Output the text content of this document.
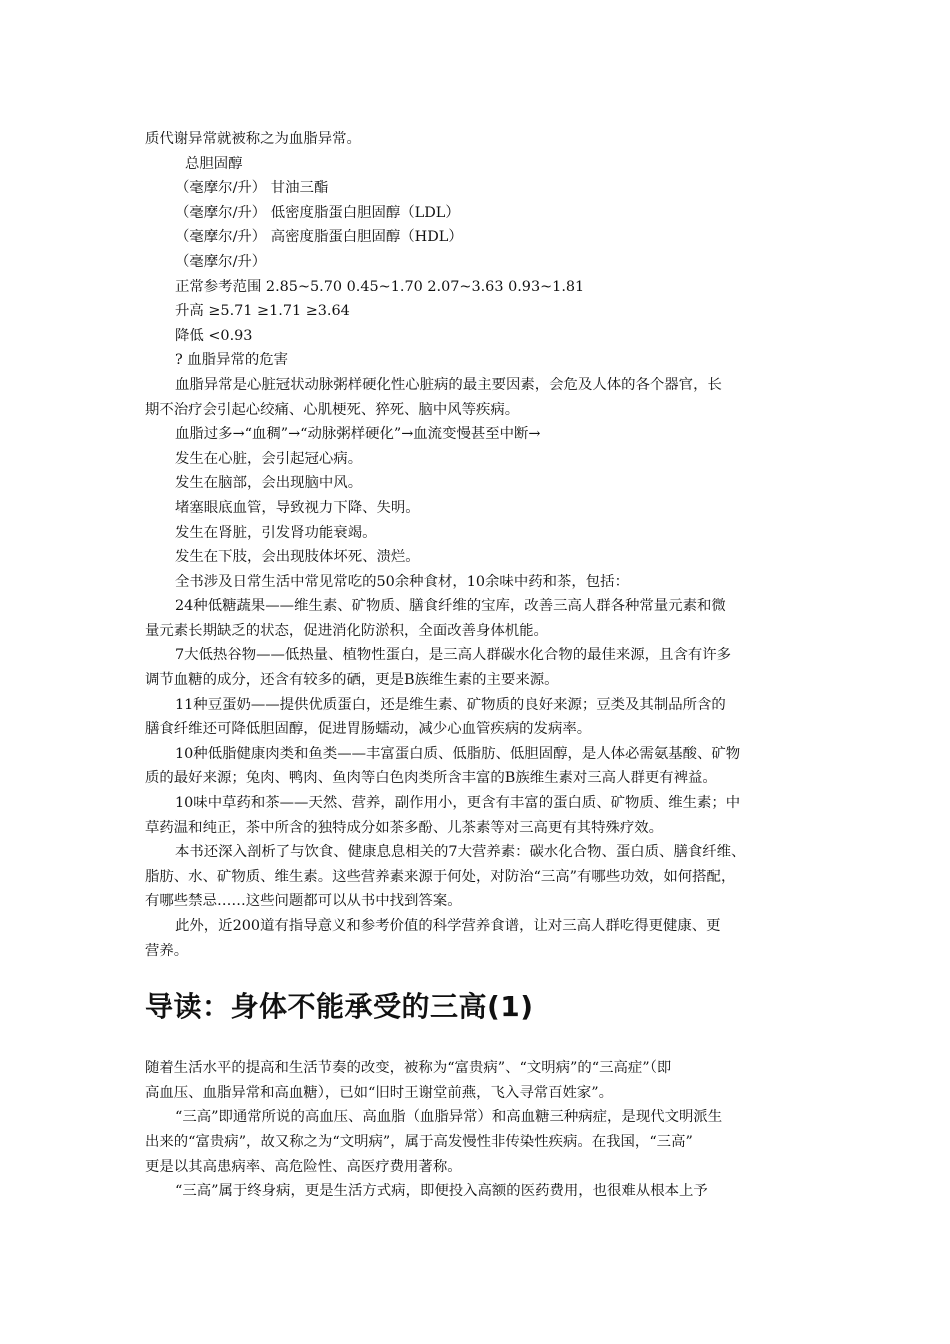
质代谢异常就被称之为血脂异常。
总胆固醇
（毫摩尔/升） 甘油三酯
（毫摩尔/升） 低密度脂蛋白胆固醇（LDL）
（毫摩尔/升） 高密度脂蛋白胆固醇（HDL）
（毫摩尔/升）
正常参考范围 2.85~5.70 0.45~1.70 2.07~3.63 0.93~1.81
升高 ≥5.71 ≥1.71 ≥3.64
降低 <0.93
? 血脂异常的危害
血脂异常是心脏冠状动脉粥样硬化性心脏病的最主要因素，会危及人体的各个器官，长
期不治疗会引起心绞痛、心肌梗死、猝死、脑中风等疾病。
血脂过多→“血稠”→“动脉粥样硬化”→血流变慢甚至中断→
发生在心脏，会引起冠心病。
发生在脑部，会出现脑中风。
堵塞眼底血管，导致视力下降、失明。
发生在肾脏，引发肾功能衰竭。
发生在下肢，会出现肢体坏死、溃烂。
全书涉及日常生活中常见常吃的50余种食材，10余味中药和茶，包括：
24种低糖蔬果——维生素、矿物质、膳食纤维的宝库，改善三高人群各种常量元素和微
量元素长期缺乏的状态，促进消化防淤积，全面改善身体机能。
7大低热谷物——低热量、植物性蛋白，是三高人群碳水化合物的最佳来源，且含有许多
调节血糖的成分，还含有较多的硒，更是B族维生素的主要来源。
11种豆蛋奶——提供优质蛋白，还是维生素、矿物质的良好来源；豆类及其制品所含的
膳食纤维还可降低胆固醇，促进胃肠蠕动，减少心血管疾病的发病率。
10种低脂健康肉类和鱼类——丰富蛋白质、低脂肪、低胆固醇，是人体必需氨基酸、矿物
质的最好来源；兔肉、鸭肉、鱼肉等白色肉类所含丰富的B族维生素对三高人群更有裨益。
10味中草药和茶——天然、营养，副作用小，更含有丰富的蛋白质、矿物质、维生素；中
草药温和纯正，茶中所含的独特成分如茶多酚、儿茶素等对三高更有其特殊疗效。
本书还深入剖析了与饮食、健康息息相关的7大营养素：碳水化合物、蛋白质、膳食纤维、
脂肪、水、矿物质、维生素。这些营养素来源于何处，对防治“三高”有哪些功效，如何搭配，
有哪些禁忌……这些问题都可以从书中找到答案。
此外，近200道有指导意义和参考价值的科学营养食谱，让对三高人群吃得更健康、更
营养。
导读：身体不能承受的三高(1)
随着生活水平的提高和生活节奏的改变，被称为“富贵病”、“文明病”的“三高症”（即
高血压、血脂异常和高血糖），已如“旧时王谢堂前燕，飞入寻常百姓家”。
“三高”即通常所说的高血压、高血脂（血脂异常）和高血糖三种病症，是现代文明派生
出来的“富贵病”，故又称之为“文明病”，属于高发慢性非传染性疾病。在我国，“三高”
更是以其高患病率、高危险性、高医疗费用著称。
“三高”属于终身病，更是生活方式病，即便投入高额的医药费用，也很难从根本上予
